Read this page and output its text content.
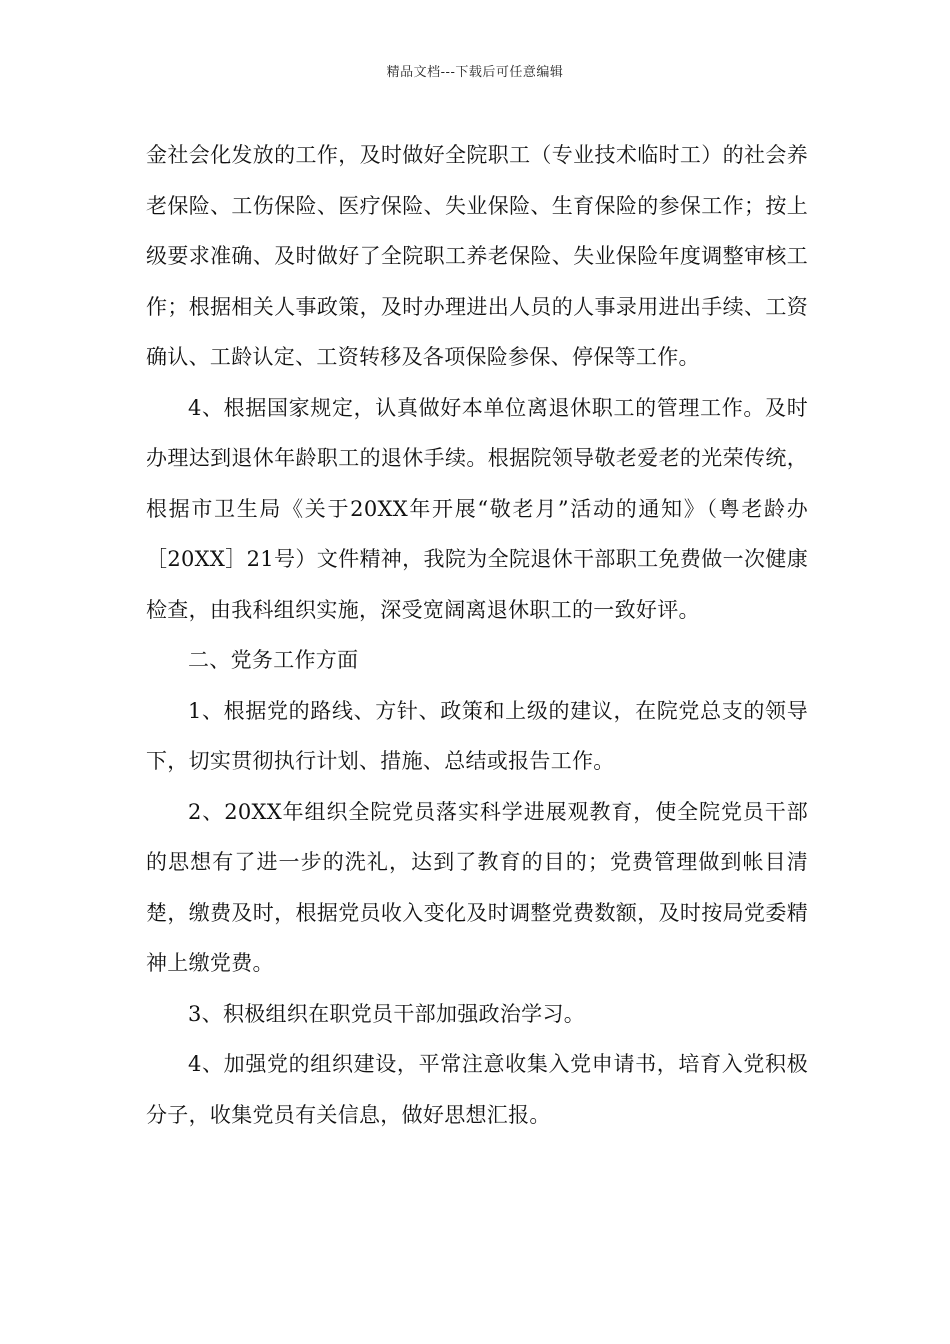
精品文档---下载后可任意编辑

金社会化发放的工作，及时做好全院职工（专业技术临时工）的社会养老保险、工伤保险、医疗保险、失业保险、生育保险的参保工作；按上级要求准确、及时做好了全院职工养老保险、失业保险年度调整审核工作；根据相关人事政策，及时办理进出人员的人事录用进出手续、工资确认、工龄认定、工资转移及各项保险参保、停保等工作。

4、根据国家规定，认真做好本单位离退休职工的管理工作。及时办理达到退休年龄职工的退休手续。根据院领导敬老爱老的光荣传统，根据市卫生局《关于20XX年开展“敬老月”活动的通知》（粤老龄办［20XX］21号）文件精神，我院为全院退休干部职工免费做一次健康检查，由我科组织实施，深受宽阔离退休职工的一致好评。

二、党务工作方面

1、根据党的路线、方针、政策和上级的建议，在院党总支的领导下，切实贯彻执行计划、措施、总结或报告工作。

2、20XX年组织全院党员落实科学进展观教育，使全院党员干部的思想有了进一步的洗礼，达到了教育的目的；党费管理做到帐目清楚，缴费及时，根据党员收入变化及时调整党费数额，及时按局党委精神上缴党费。

3、积极组织在职党员干部加强政治学习。

4、加强党的组织建设，平常注意收集入党申请书，培育入党积极分子，收集党员有关信息，做好思想汇报。
